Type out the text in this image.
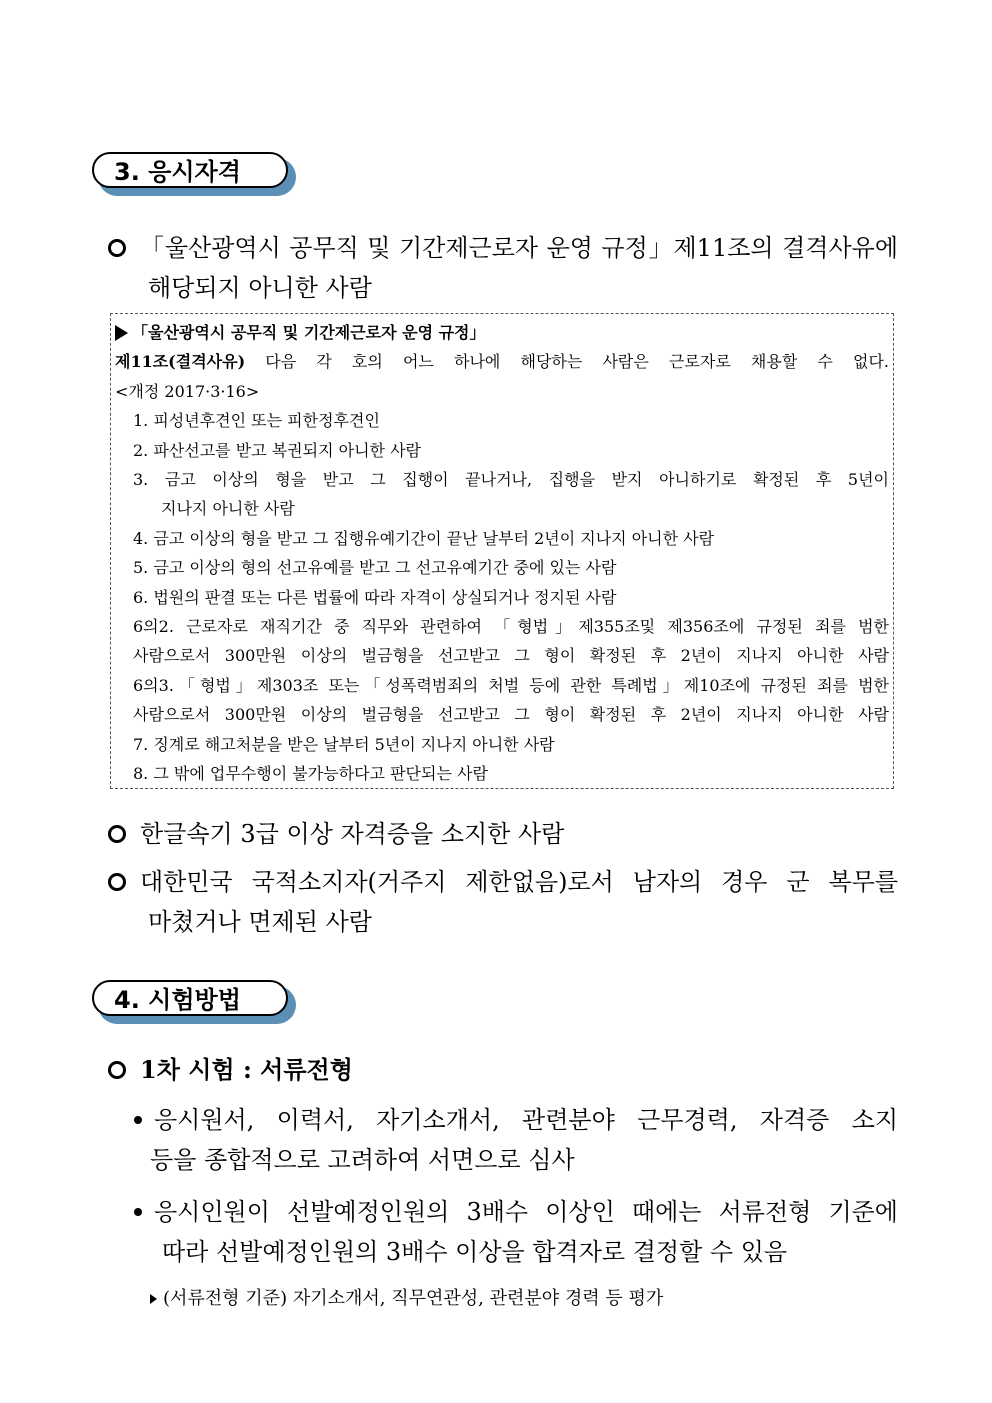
3. 응시자격
「울산광역시 공무직 및 기간제근로자 운영 규정」제11조의 결격사유에
해당되지 아니한 사람
「울산광역시 공무직 및 기간제근로자 운영 규정」
제11조(결격사유) 다음 각 호의 어느 하나에 해당하는 사람은 근로자로 채용할 수 없다.
<개정 2017·3·16>
1. 피성년후견인 또는 피한정후견인
2. 파산선고를 받고 복권되지 아니한 사람
3. 금고 이상의 형을 받고 그 집행이 끝나거나, 집행을 받지 아니하기로 확정된 후 5년이
지나지 아니한 사람
4. 금고 이상의 형을 받고 그 집행유예기간이 끝난 날부터 2년이 지나지 아니한 사람
5. 금고 이상의 형의 선고유예를 받고 그 선고유예기간 중에 있는 사람
6. 법원의 판결 또는 다른 법률에 따라 자격이 상실되거나 정지된 사람
6의2. 근로자로 재직기간 중 직무와 관련하여 「형법」제355조및 제356조에 규정된 죄를 범한
사람으로서 300만원 이상의 벌금형을 선고받고 그 형이 확정된 후 2년이 지나지 아니한 사람
6의3.「형법」제303조 또는「성폭력범죄의 처벌 등에 관한 특례법」제10조에 규정된 죄를 범한
사람으로서 300만원 이상의 벌금형을 선고받고 그 형이 확정된 후 2년이 지나지 아니한 사람
7. 징계로 해고처분을 받은 날부터 5년이 지나지 아니한 사람
8. 그 밖에 업무수행이 불가능하다고 판단되는 사람
한글속기 3급 이상 자격증을 소지한 사람
대한민국 국적소지자(거주지 제한없음)로서 남자의 경우 군 복무를
마쳤거나 면제된 사람
4. 시험방법
1차 시험 : 서류전형
응시원서, 이력서, 자기소개서, 관련분야 근무경력, 자격증 소지
등을 종합적으로 고려하여 서면으로 심사
응시인원이 선발예정인원의 3배수 이상인 때에는 서류전형 기준에
따라 선발예정인원의 3배수 이상을 합격자로 결정할 수 있음
(서류전형 기준) 자기소개서, 직무연관성, 관련분야 경력 등 평가
